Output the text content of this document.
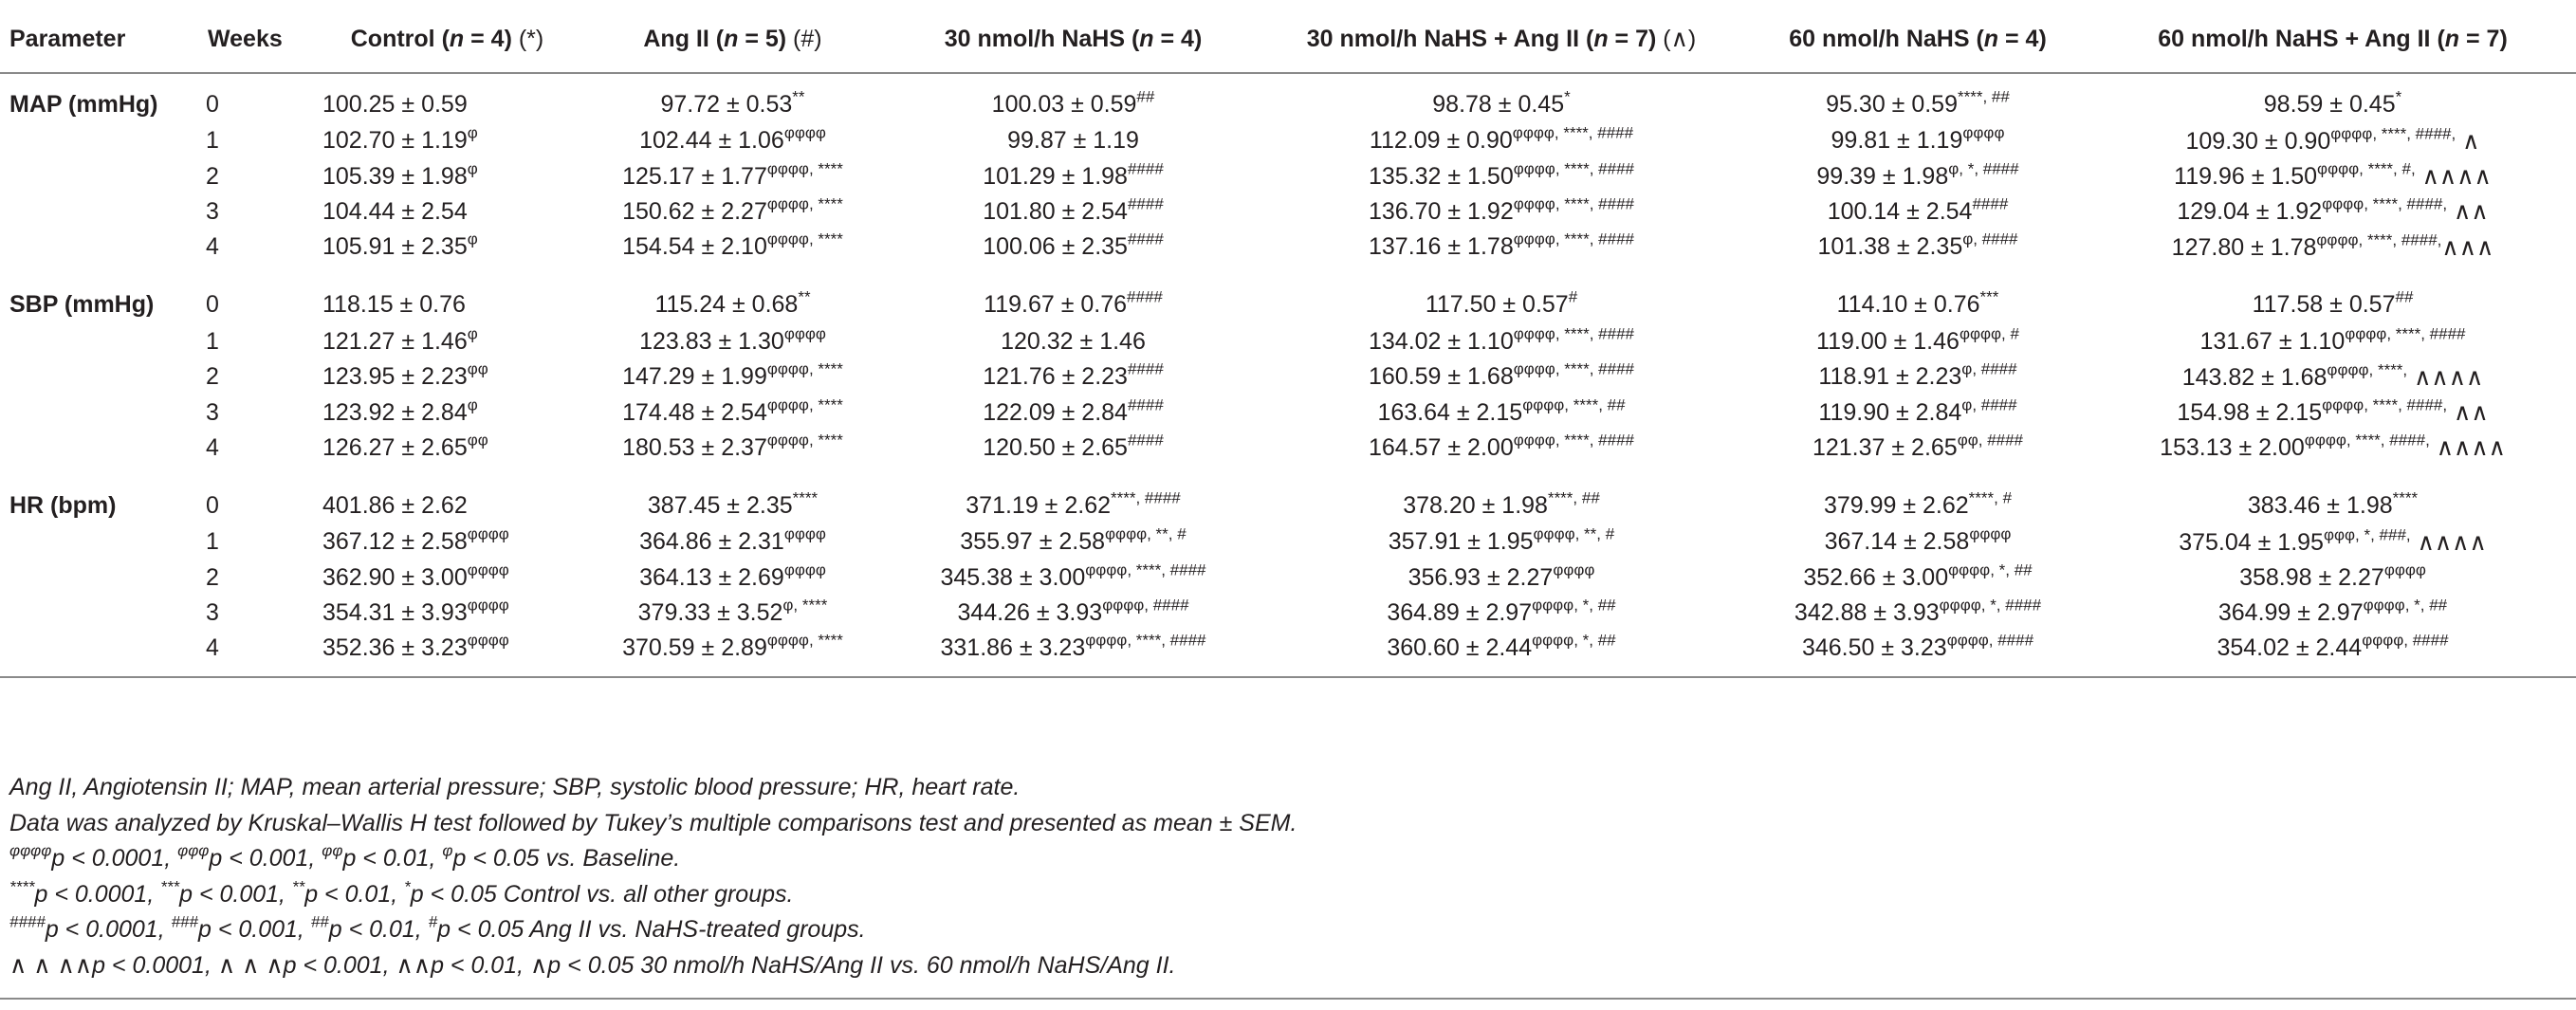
Parameter	Weeks	Control (n = 4) (*)	Ang II (n = 5) (#)	30 nmol/h NaHS (n = 4)	30 nmol/h NaHS + Ang II (n = 7) (∧)	60 nmol/h NaHS (n = 4)	60 nmol/h NaHS + Ang II (n = 7)
MAP (mmHg)	0	100.25 ± 0.59	97.72 ± 0.53**	100.03 ± 0.59##	98.78 ± 0.45*	95.30 ± 0.59****, ##	98.59 ± 0.45*
	1	$102.70 \pm 1.19^\varphi$	$102.44 \pm 1.06^{\varphi\varphi\varphi\varphi}$	99.87 ± 1.19	$112.09 \pm 0.90^{\varphi\varphi\varphi\varphi, ****, \#\#\#\#}$	$99.81 \pm 1.19^{\varphi\varphi\varphi\varphi}$	$109.30 \pm 0.90^{\varphi\varphi\varphi\varphi, ****, \#\#\#\#,}$ ∧
	2	$105.39 \pm 1.98^\varphi$	$125.17 \pm 1.77^{\varphi\varphi\varphi\varphi, ****}$	101.29 ± 1.98####	$135.32 \pm 1.50^{\varphi\varphi\varphi\varphi, ****, \#\#\#\#}$	$99.39 \pm 1.98^{\varphi, *, \#\#\#\#}$	$119.96 \pm 1.50^{\varphi\varphi\varphi\varphi, ****, \#,}$ ∧∧∧∧
	3	104.44 ± 2.54	$150.62 \pm 2.27^{\varphi\varphi\varphi\varphi, ****}$	101.80 ± 2.54####	$136.70 \pm 1.92^{\varphi\varphi\varphi\varphi, ****, \#\#\#\#}$	100.14 ± 2.54####	$129.04 \pm 1.92^{\varphi\varphi\varphi\varphi, ****, \#\#\#\#,}$ ∧∧
	4	$105.91 \pm 2.35^\varphi$	$154.54 \pm 2.10^{\varphi\varphi\varphi\varphi, ****}$	100.06 ± 2.35####	$137.16 \pm 1.78^{\varphi\varphi\varphi\varphi, ****, \#\#\#\#}$	$101.38 \pm 2.35^{\varphi, \#\#\#\#}$	$127.80 \pm 1.78^{\varphi\varphi\varphi\varphi, ****, \#\#\#\#,}\wedge\wedge\wedge$
SBP (mmHg)	0	118.15 ± 0.76	115.24 ± 0.68**	119.67 ± 0.76####	117.50 ± 0.57#	114.10 ± 0.76***	117.58 ± 0.57##
	1	$121.27 \pm 1.46^\varphi$	$123.83 \pm 1.30^{\varphi\varphi\varphi\varphi}$	120.32 ± 1.46	$134.02 \pm 1.10^{\varphi\varphi\varphi\varphi, ****, \#\#\#\#}$	$119.00 \pm 1.46^{\varphi\varphi\varphi\varphi, \#}$	$131.67 \pm 1.10^{\varphi\varphi\varphi\varphi, ****, \#\#\#\#}$
	2	$123.95 \pm 2.23^{\varphi\varphi}$	$147.29 \pm 1.99^{\varphi\varphi\varphi\varphi, ****}$	121.76 ± 2.23####	$160.59 \pm 1.68^{\varphi\varphi\varphi\varphi, ****, \#\#\#\#}$	$118.91 \pm 2.23^{\varphi, \#\#\#\#}$	$143.82 \pm 1.68^{\varphi\varphi\varphi\varphi, ****,}$ ∧∧∧∧
	3	$123.92 \pm 2.84^\varphi$	$174.48 \pm 2.54^{\varphi\varphi\varphi\varphi, ****}$	122.09 ± 2.84####	$163.64 \pm 2.15^{\varphi\varphi\varphi\varphi, ****, \#\#}$	$119.90 \pm 2.84^{\varphi, \#\#\#\#}$	$154.98 \pm 2.15^{\varphi\varphi\varphi\varphi, ****, \#\#\#\#,}$ ∧∧
	4	$126.27 \pm 2.65^{\varphi\varphi}$	$180.53 \pm 2.37^{\varphi\varphi\varphi\varphi, ****}$	120.50 ± 2.65####	$164.57 \pm 2.00^{\varphi\varphi\varphi\varphi, ****, \#\#\#\#}$	$121.37 \pm 2.65^{\varphi\varphi, \#\#\#\#}$	$153.13 \pm 2.00^{\varphi\varphi\varphi\varphi, ****, \#\#\#\#,}$ ∧∧∧∧
HR (bpm)	0	401.86 ± 2.62	387.45 ± 2.35****	371.19 ± 2.62****, ####	378.20 ± 1.98****, ##	379.99 ± 2.62****, #	383.46 ± 1.98****
	1	$367.12 \pm 2.58^{\varphi\varphi\varphi\varphi}$	$364.86 \pm 2.31^{\varphi\varphi\varphi\varphi}$	$355.97 \pm 2.58^{\varphi\varphi\varphi\varphi, **, \#}$	$357.91 \pm 1.95^{\varphi\varphi\varphi\varphi, **, \#}$	$367.14 \pm 2.58^{\varphi\varphi\varphi\varphi}$	$375.04 \pm 1.95^{\varphi\varphi\varphi, *, \#\#\#,}$ ∧∧∧∧
	2	$362.90 \pm 3.00^{\varphi\varphi\varphi\varphi}$	$364.13 \pm 2.69^{\varphi\varphi\varphi\varphi}$	$345.38 \pm 3.00^{\varphi\varphi\varphi\varphi, ****, \#\#\#\#}$	$356.93 \pm 2.27^{\varphi\varphi\varphi\varphi}$	$352.66 \pm 3.00^{\varphi\varphi\varphi\varphi, *, \#\#}$	$358.98 \pm 2.27^{\varphi\varphi\varphi\varphi}$
	3	$354.31 \pm 3.93^{\varphi\varphi\varphi\varphi}$	$379.33 \pm 3.52^{\varphi, ****}$	$344.26 \pm 3.93^{\varphi\varphi\varphi\varphi, \#\#\#\#}$	$364.89 \pm 2.97^{\varphi\varphi\varphi\varphi, *, \#\#}$	$342.88 \pm 3.93^{\varphi\varphi\varphi\varphi, *, \#\#\#\#}$	$364.99 \pm 2.97^{\varphi\varphi\varphi\varphi, *, \#\#}$
	4	$352.36 \pm 3.23^{\varphi\varphi\varphi\varphi}$	$370.59 \pm 2.89^{\varphi\varphi\varphi\varphi, ****}$	$331.86 \pm 3.23^{\varphi\varphi\varphi\varphi, ****, \#\#\#\#}$	$360.60 \pm 2.44^{\varphi\varphi\varphi\varphi, *, \#\#}$	$346.50 \pm 3.23^{\varphi\varphi\varphi\varphi, \#\#\#\#}$	$354.02 \pm 2.44^{\varphi\varphi\varphi\varphi, \#\#\#\#}$
Ang II, Angiotensin II; MAP, mean arterial pressure; SBP, systolic blood pressure; HR, heart rate.
Data was analyzed by Kruskal–Wallis H test followed by Tukey’s multiple comparisons test and presented as mean ± SEM.
$^{\varphi\varphi\varphi\varphi}$p < 0.0001, $^{\varphi\varphi\varphi}$p < 0.001, $^{\varphi\varphi}$p < 0.01, $^\varphi$p < 0.05 vs. Baseline.
****p < 0.0001, ***p < 0.001, **p < 0.01, *p < 0.05 Control vs. all other groups.
####p < 0.0001, ###p < 0.001, ##p < 0.01, #p < 0.05 Ang II vs. NaHS-treated groups.
∧ ∧ ∧∧p < 0.0001, ∧ ∧ ∧p < 0.001, ∧∧p < 0.01, ∧p < 0.05 30 nmol/h NaHS/Ang II vs. 60 nmol/h NaHS/Ang II.
